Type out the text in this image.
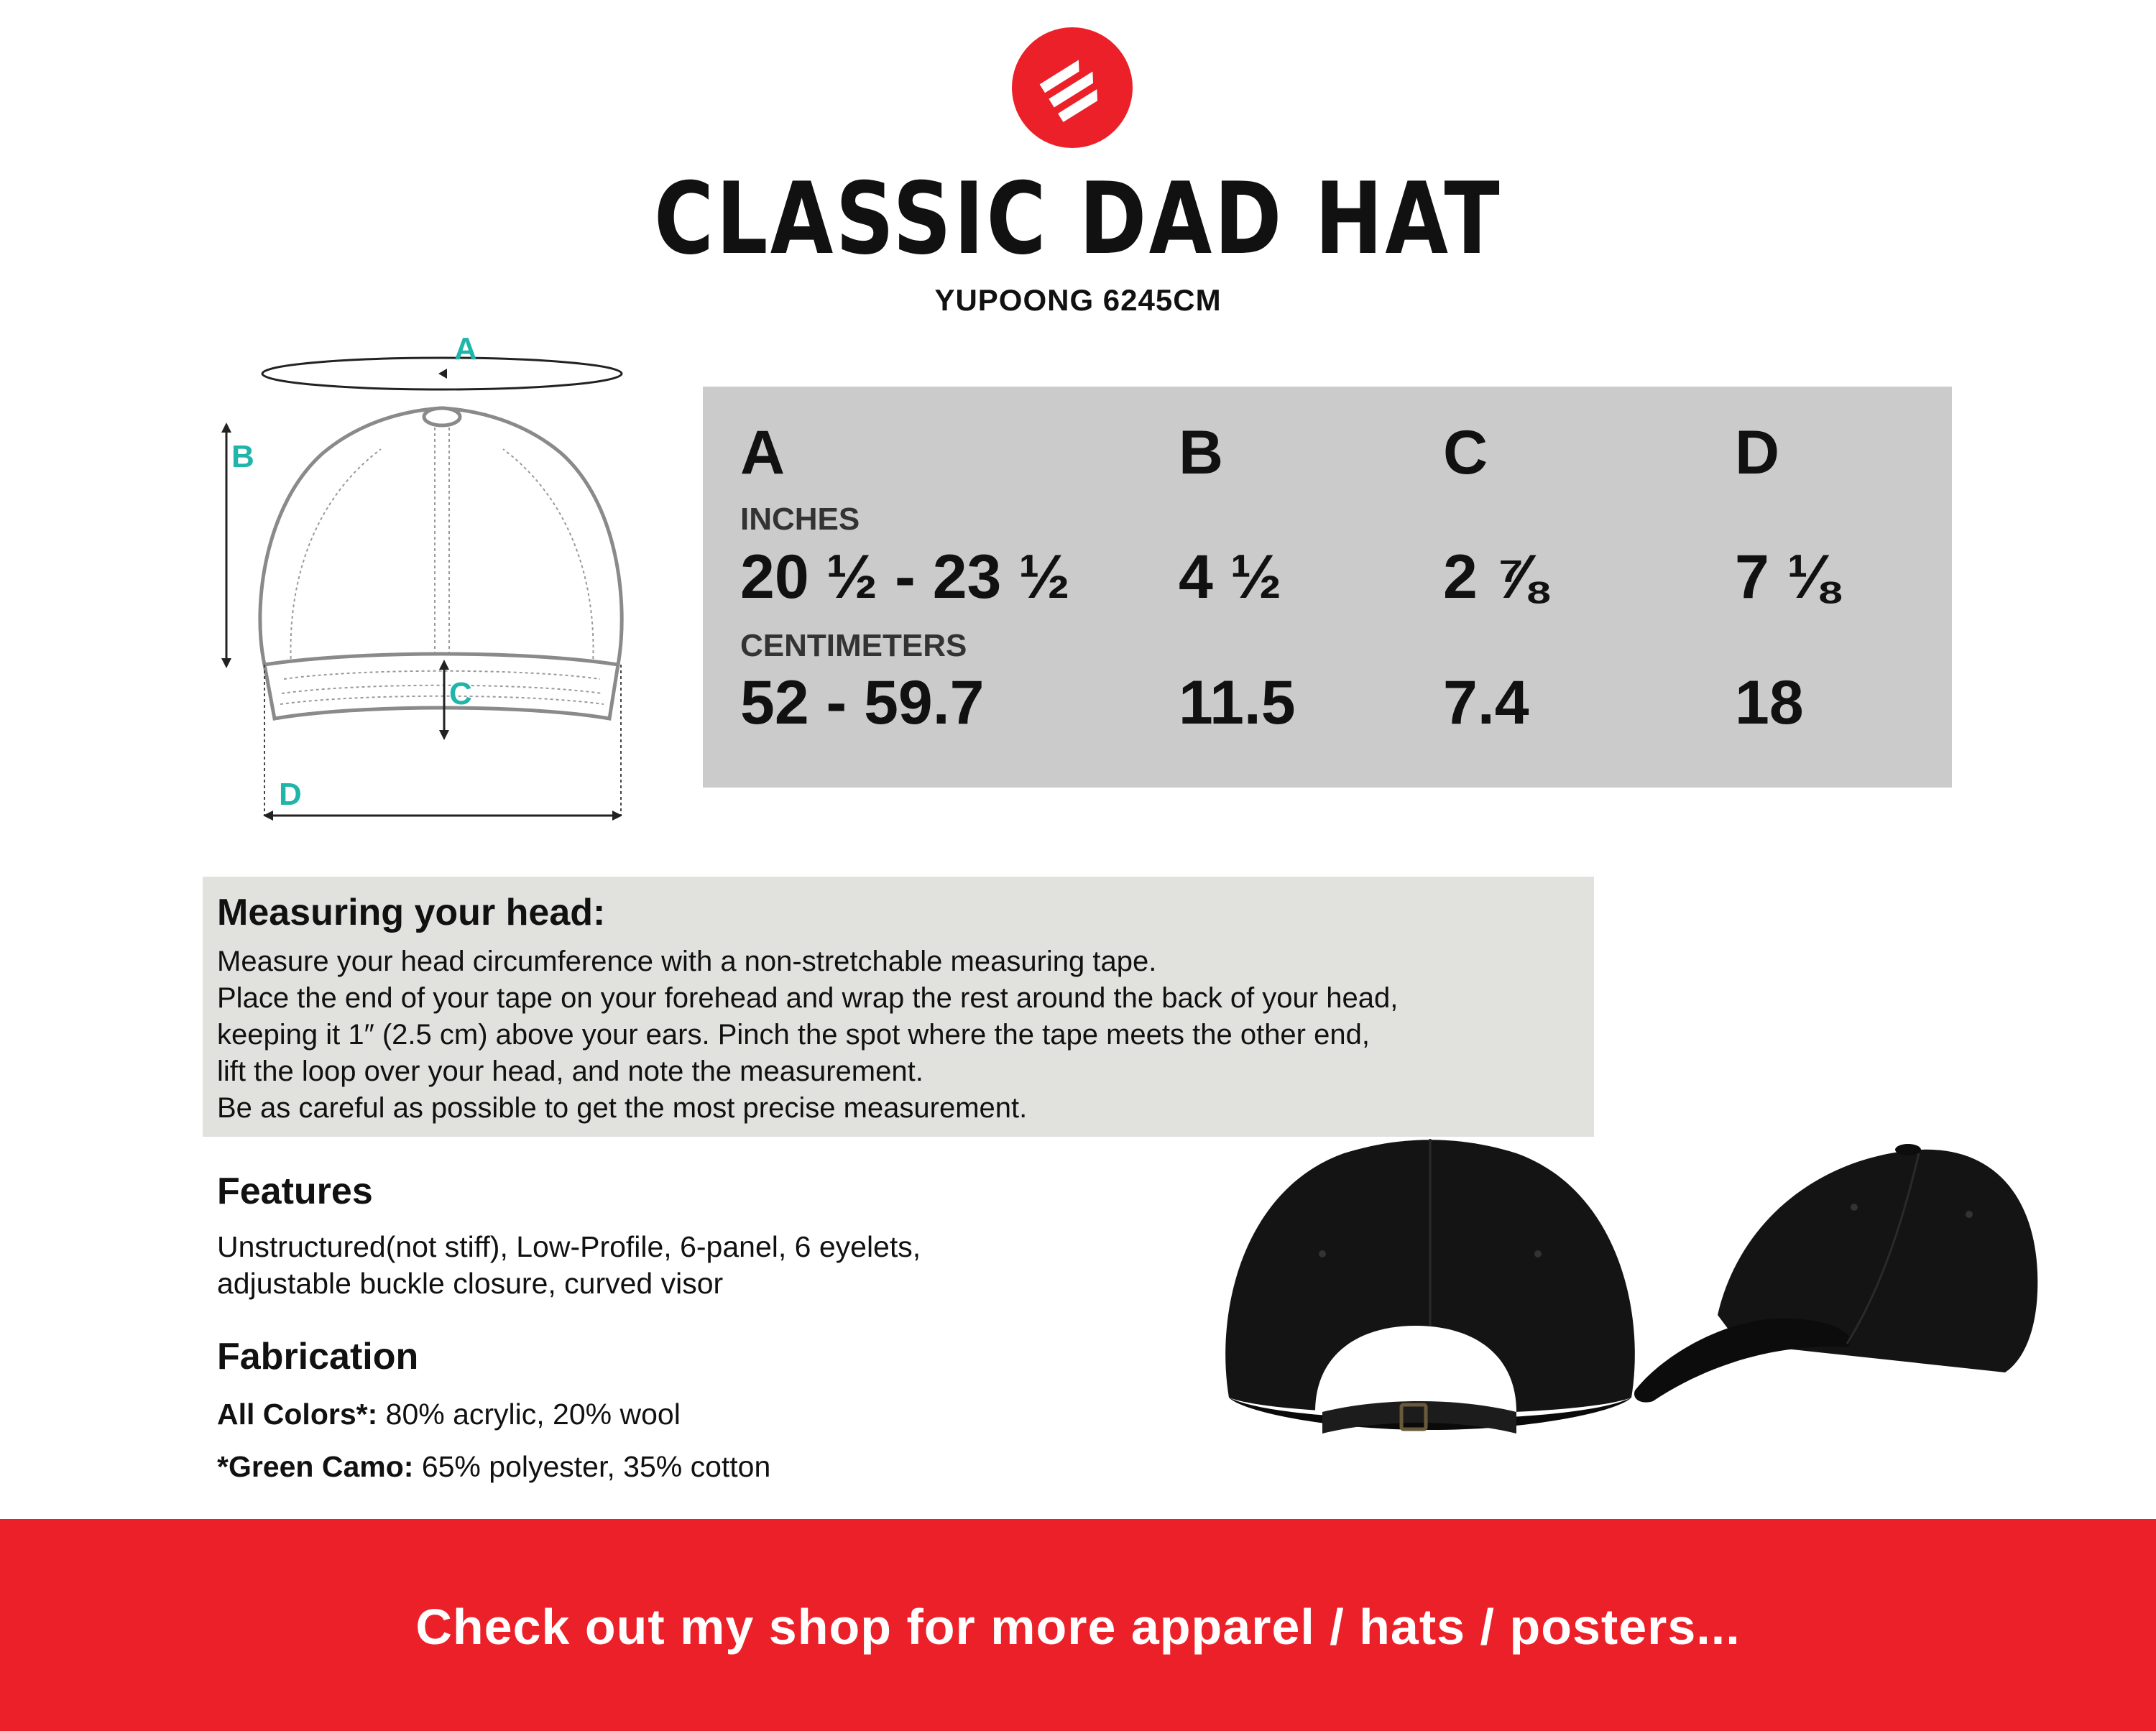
CLASSIC DAD HAT
YUPOONG 6245CM
A
B
C
D
A
INCHES
20 ½ - 23 ½
CENTIMETERS
52 - 59.7
B
4 ½
11.5
C
2 ⅞
7.4
D
7 ⅛
18
Measuring your head:
Measure your head circumference with a non-stretchable measuring tape.
Place the end of your tape on your forehead and wrap the rest around the back of your head,
keeping it 1″ (2.5 cm) above your ears. Pinch the spot where the tape meets the other end,
lift the loop over your head, and note the measurement.
Be as careful as possible to get the most precise measurement.
Features
Unstructured(not stiff), Low-Profile, 6-panel, 6 eyelets,
adjustable buckle closure, curved visor
Fabrication
All Colors*: 80% acrylic, 20% wool
*Green Camo: 65% polyester, 35% cotton
Check out my shop for more apparel / hats / posters...
